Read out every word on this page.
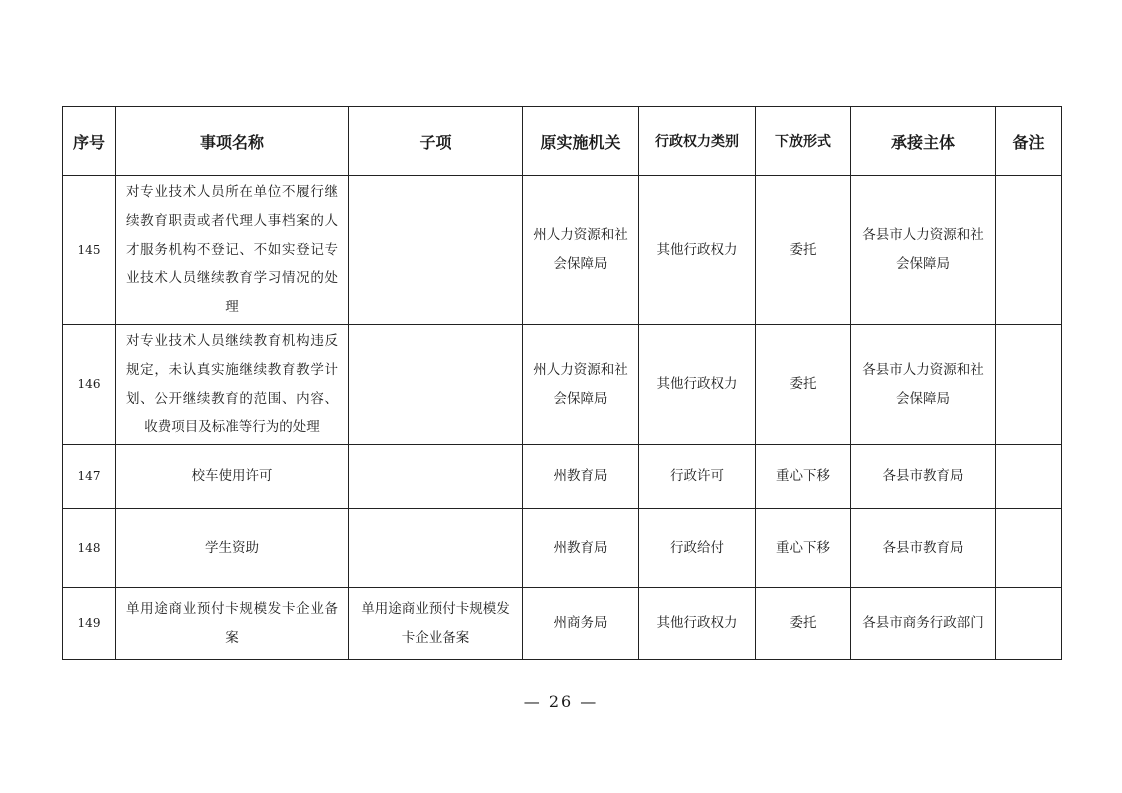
序号	事项名称	子项	原实施机关	行政权力类别	下放形式	承接主体	备注
145	对专业技术人员所在单位不履行继续教育职责或者代理人事档案的人才服务机构不登记、不如实登记专业技术人员继续教育学习情况的处理		州人力资源和社会保障局	其他行政权力	委托	各县市人力资源和社会保障局	
146	对专业技术人员继续教育机构违反规定，未认真实施继续教育教学计划、公开继续教育的范围、内容、收费项目及标准等行为的处理		州人力资源和社会保障局	其他行政权力	委托	各县市人力资源和社会保障局	
147	校车使用许可		州教育局	行政许可	重心下移	各县市教育局	
148	学生资助		州教育局	行政给付	重心下移	各县市教育局	
149	单用途商业预付卡规模发卡企业备案	单用途商业预付卡规模发卡企业备案	州商务局	其他行政权力	委托	各县市商务行政部门	
— 26 —
